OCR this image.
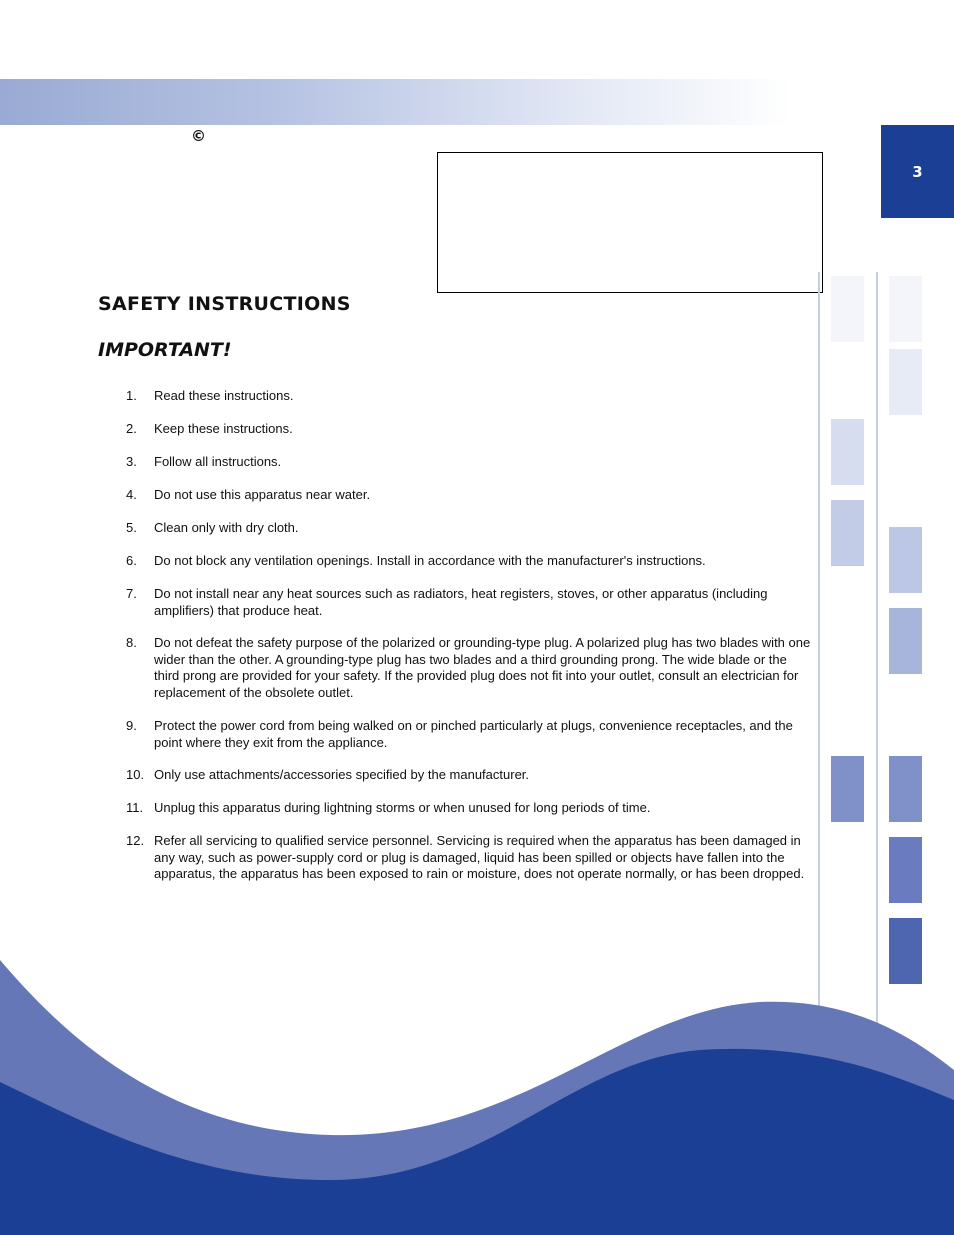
©
3
SAFETY INSTRUCTIONS
IMPORTANT!
1. Read these instructions.
2. Keep these instructions.
3. Follow all instructions.
4. Do not use this apparatus near water.
5. Clean only with dry cloth.
6. Do not block any ventilation openings. Install in accordance with the manufacturer's instructions.
7. Do not install near any heat sources such as radiators, heat registers, stoves, or other apparatus (including amplifiers) that produce heat.
8. Do not defeat the safety purpose of the polarized or grounding-type plug. A polarized plug has two blades with one wider than the other. A grounding-type plug has two blades and a third grounding prong. The wide blade or the third prong are provided for your safety. If the provided plug does not fit into your outlet, consult an electrician for replacement of the obsolete outlet.
9. Protect the power cord from being walked on or pinched particularly at plugs, convenience receptacles, and the point where they exit from the appliance.
10. Only use attachments/accessories specified by the manufacturer.
11. Unplug this apparatus during lightning storms or when unused for long periods of time.
12. Refer all servicing to qualified service personnel. Servicing is required when the apparatus has been damaged in any way, such as power-supply cord or plug is damaged, liquid has been spilled or objects have fallen into the apparatus, the apparatus has been exposed to rain or moisture, does not operate normally, or has been dropped.
